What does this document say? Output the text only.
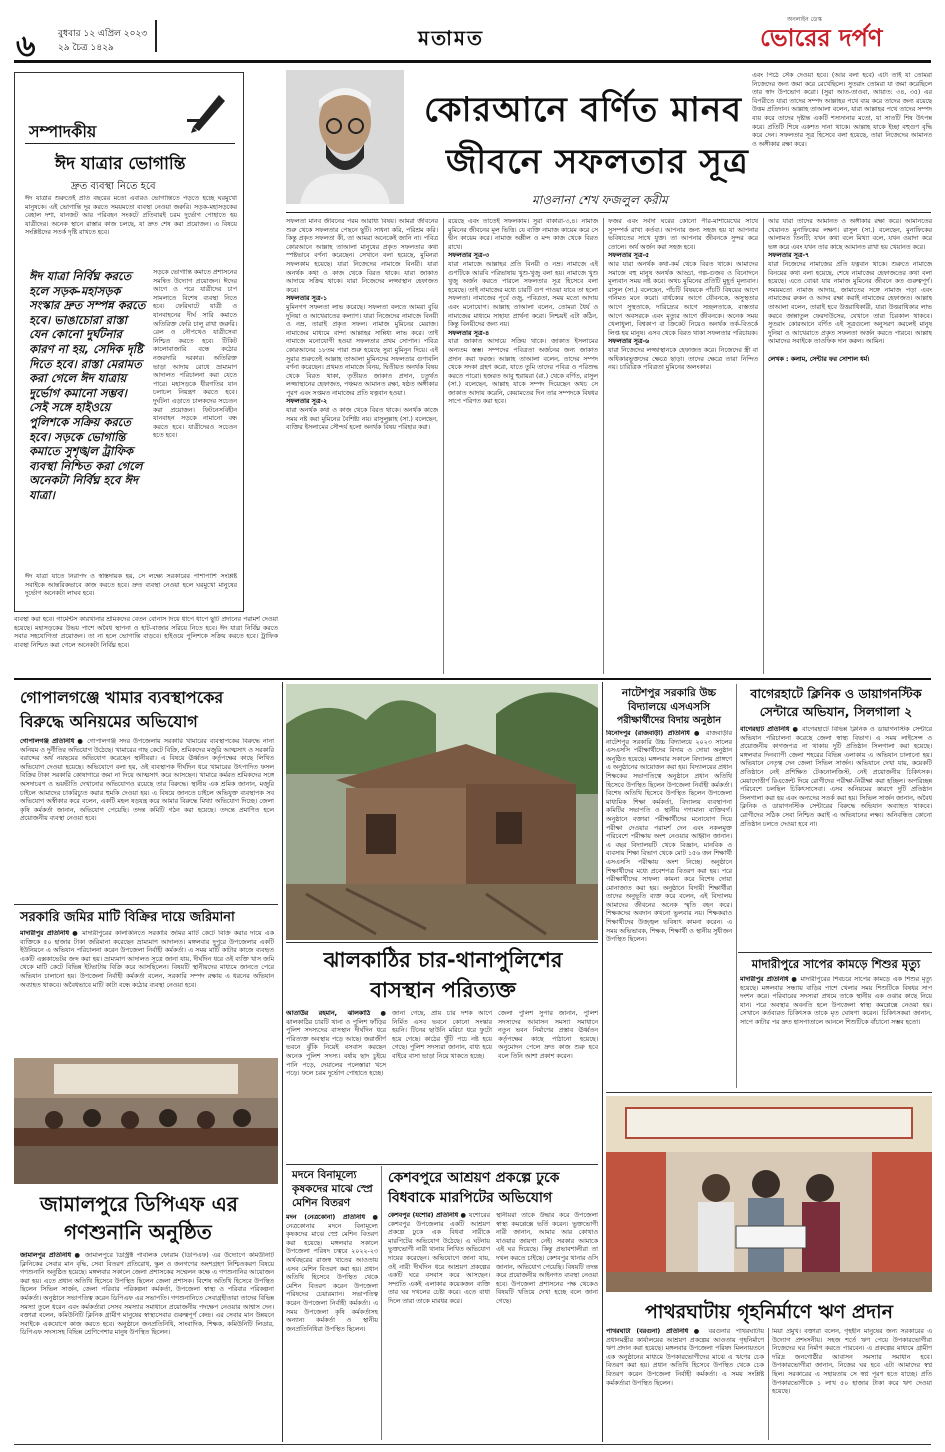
৬ বুধবার ১২ এপ্রিল ২০২৩
২৯ চৈত্র ১৪২৯	মতামত
অনলাইন ডেস্ক
ভোরের দর্পণ
সম্পাদকীয়
ঈদ যাত্রার ভোগান্তি
দ্রুত ব্যবস্থা নিতে হবে
ঈদ যাত্রার শুরুতেই প্রতি বছরের মতো এবারও ভোগান্তিতে পড়তে হচ্ছে ঘরমুখো মানুষকে। এই ভোগান্তি দূর করতে সময়মতো ব্যবস্থা নেওয়া জরুরি। সড়ক-মহাসড়কের বেহাল দশা, যানজট আর পরিবহন সংকটে প্রতিবারই চরম দুর্ভোগ পোহাতে হয় যাত্রীদের। অনেক স্থানে রাস্তার কাজ চলছে, যা দ্রুত শেষ করা প্রয়োজন। এ বিষয়ে সংশ্লিষ্টদের সতর্ক দৃষ্টি রাখতে হবে।
ঈদ যাত্রা নির্বিঘ্ন করতে হলে সড়ক-মহাসড়ক সংস্কার দ্রুত সম্পন্ন করতে হবে। ভাঙাচোরা রাস্তা যেন কোনো দুর্ঘটনার কারণ না হয়, সেদিক দৃষ্টি দিতে হবে। রাস্তা মেরামত করা গেলে ঈদ যাত্রায় দুর্ভোগ কমানো সম্ভব। সেই সঙ্গে হাইওয়ে পুলিশকে সক্রিয় করতে হবে। সড়কে ভোগান্তি কমাতে সুশৃঙ্খল ট্রাফিক ব্যবস্থা নিশ্চিত করা গেলে অনেকটা নির্বিঘ্ন হবে ঈদ যাত্রা।
সড়কে ভোগান্তি কমাতে প্রশাসনের সমন্বিত উদ্যোগ প্রয়োজন। ঈদের আগে ও পরে যাত্রীদের চাপ সামলাতে বিশেষ ব্যবস্থা নিতে হবে। ফেরিঘাটে যাত্রী ও যানবাহনের দীর্ঘ সারি কমাতে অতিরিক্ত ফেরি চালু রাখা জরুরি। রেল ও নৌপথেও যাত্রীসেবা নিশ্চিত করতে হবে। টিকিট কালোবাজারি বন্ধে কঠোর নজরদারি দরকার। অতিরিক্ত ভাড়া আদায় রোধে ভ্রাম্যমাণ আদালত পরিচালনা করা যেতে পারে। মহাসড়কে ধীরগতির যান চলাচল নিয়ন্ত্রণ করতে হবে। দুর্ঘটনা এড়াতে চালকদের সচেতন করা প্রয়োজন। ফিটনেসবিহীন যানবাহন সড়কে নামানো বন্ধ করতে হবে। যাত্রীদেরও সচেতন হতে হবে।
ঈদ যাত্রা যাতে নিরাপদ ও স্বস্তিদায়ক হয়, সে লক্ষ্যে সরকারের পাশাপাশি সংশ্লিষ্ট সবাইকে আন্তরিকভাবে কাজ করতে হবে। দ্রুত ব্যবস্থা নেওয়া হলে ঘরমুখো মানুষের দুর্ভোগ অনেকটা লাঘব হবে।
কোরআনে বর্ণিত মানব
জীবনে সফলতার সূত্র
মাওলানা শেখ ফজলুল করীম
এবং পিঠে সেঁক দেওয়া হবে। (আর বলা হবে) এটা তাই যা তোমরা নিজেদের জন্য জমা করে রেখেছিলে। সুতরাং তোমরা যা জমা করেছিলে তার স্বাদ উপভোগ করো। (সুরা আত-তাওবা, আয়াত: ৩৪, ৩৫) এর বিপরীতে যারা তাদের সম্পদ আল্লাহর পথে ব্যয় করে তাদের জন্য রয়েছে উত্তম প্রতিদান। আল্লাহ তাআলা বলেন, যারা আল্লাহর পথে তাদের সম্পদ ব্যয় করে তাদের দৃষ্টান্ত একটি শস্যদানার মতো, যা সাতটি শিষ উৎপন্ন করে। প্রতিটি শিষে একশত দানা থাকে। আল্লাহ যাকে ইচ্ছা বহুগুণ বৃদ্ধি করে দেন। সফলতার সূত্র হিসেবে বলা হয়েছে, তারা নিজেদের আমানত ও অঙ্গীকার রক্ষা করে।
সফলতা মানব জীবনের পরম আরাধ্য বিষয়। আমরা জীবনের শুরু থেকে সফলতার পেছনে ছুটি। সাধনা করি, পরিশ্রম করি। কিন্তু প্রকৃত সফলতা কী, তা আমরা অনেকেই জানি না। পবিত্র কোরআনে আল্লাহ তাআলা মানুষের প্রকৃত সফলতার কথা স্পষ্টভাবে বর্ণনা করেছেন। সেখানে বলা হয়েছে, মুমিনরা সফলকাম হয়েছে। যারা নিজেদের নামাজে বিনয়ী। যারা অনর্থক কথা ও কাজ থেকে বিরত থাকে। যারা জাকাত আদায়ে সক্রিয় থাকে। যারা নিজেদের লজ্জাস্থান হেফাজত করে।
সফলতার সূত্র-১
মুমিনগণ সফলতা লাভ করেছে। সফলতা বলতে আমরা বুঝি দুনিয়া ও আখেরাতের কল্যাণ। যারা নিজেদের নামাজে বিনয়ী ও নম্র, তারাই প্রকৃত সফল। নামাজ মুমিনের মেরাজ। নামাজের মাধ্যমে বান্দা আল্লাহর সান্নিধ্য লাভ করে। তাই নামাজে মনোযোগী হওয়া সফলতার প্রথম সোপান। পবিত্র কোরআনের ১৮তম পারা শুরু হয়েছে সুরা মুমিনুন দিয়ে। এই সুরার শুরুতেই আল্লাহ তাআলা মুমিনদের সফলতার গুণাবলি বর্ণনা করেছেন। প্রথমত নামাজে বিনয়, দ্বিতীয়ত অনর্থক বিষয় থেকে বিরত থাকা, তৃতীয়ত জাকাত প্রদান, চতুর্থত লজ্জাস্থানের হেফাজত, পঞ্চমত আমানত রক্ষা, ষষ্ঠত অঙ্গীকার পূরণ এবং সপ্তমত নামাজের প্রতি যত্নবান হওয়া।
সফলতার সূত্র-২
যারা অনর্থক কথা ও কাজ থেকে বিরত থাকে। অনর্থক কাজে সময় নষ্ট করা মুমিনের বৈশিষ্ট্য নয়। রাসুলুল্লাহ (সা.) বলেছেন, ব্যক্তির ইসলামের সৌন্দর্য হলো অনর্থক বিষয় পরিহার করা।
রয়েছে এবং তাতেই সফলকাম। সুরা বাকারা-৩,৪। নামাজ মুমিনের জীবনের মূল ভিত্তি। যে ব্যক্তি নামাজ কায়েম করে সে দ্বীন কায়েম করে। নামাজ অশ্লীল ও মন্দ কাজ থেকে বিরত রাখে।
সফলতার সূত্র-৩
যারা নামাজে আল্লাহর প্রতি বিনয়ী ও নম্র। নামাজে এই গুণটিকে আরবি পরিভাষায় খুশু-খুজু বলা হয়। নামাজে খুশু খুজু অর্জন করতে পারলে সফলতার সূত্র হিসেবে বলা হয়েছে। তাই নামাজের মধ্যে চারটি গুণ পাওয়া যাবে তা হলো সফলতা। নামাজের পূর্বে ওজু, পবিত্রতা, সময় মতো আদায় এবং মনোযোগ। আল্লাহ তাআলা বলেন, তোমরা ধৈর্য ও নামাজের মাধ্যমে সাহায্য প্রার্থনা করো। নিশ্চয়ই এটা কঠিন, কিন্তু বিনয়ীদের জন্য নয়।
সফলতার সূত্র-৪
যারা জাকাত আদায়ে সক্রিয় থাকে। জাকাত ইসলামের অন্যতম স্তম্ভ। সম্পদের পবিত্রতা অর্জনের জন্য জাকাত প্রদান করা ফরজ। আল্লাহ তাআলা বলেন, তাদের সম্পদ থেকে সদকা গ্রহণ করো, যাতে তুমি তাদের পবিত্র ও পরিশুদ্ধ করতে পারো। হজরত আবু হুরায়রা (রা.) থেকে বর্ণিত, রাসুল (সা.) বলেছেন, আল্লাহ যাকে সম্পদ দিয়েছেন অথচ সে জাকাত আদায় করেনি, কেয়ামতের দিন তার সম্পদকে বিষধর সাপে পরিণত করা হবে।
ফজর এবং সর্বদা ঘরের কোনো পীর-মাশায়েখের সাথে সুসম্পর্ক রাখা কর্তব্য। আপনার জন্য সহজ হয় যা আপনার ভবিষ্যতের সাথে যুক্ত। তা আপনার জীবনকে সুন্দর করে তোলে। অর্থ অর্জন করা সহজ হবে।
সফলতার সূত্র-৫
আর যারা অনর্থক কথা-কর্ম থেকে বিরত থাকে। আমাদের সমাজে বহু মানুষ অনর্থক আড্ডা, গল্প-গুজব ও বিনোদনে মূল্যবান সময় নষ্ট করে। অথচ মুমিনের প্রতিটি মুহূর্ত মূল্যবান। রাসুল (সা.) বলেছেন, পাঁচটি বিষয়কে পাঁচটি বিষয়ের আগে গনিমত মনে করো। বার্ধক্যের আগে যৌবনকে, অসুস্থতার আগে সুস্থতাকে, দারিদ্র্যের আগে সচ্ছলতাকে, ব্যস্ততার আগে অবসরকে এবং মৃত্যুর আগে জীবনকে। অনেক সময় খেলাধুলা, বিশ্বকাপ বা ক্রিকেট নিয়েও অনর্থক তর্ক-বিতর্কে লিপ্ত হয় মানুষ। এসব থেকে বিরত থাকা সফলতার পরিচায়ক।
সফলতার সূত্র-৬
যারা নিজেদের লজ্জাস্থানকে হেফাজত করে। নিজেদের স্ত্রী বা অধিকারভুক্তদের ক্ষেত্রে ছাড়া। তাদের ক্ষেত্রে তারা নিন্দিত নয়। চারিত্রিক পবিত্রতা মুমিনের অলংকার।
আর যারা তাদের আমানত ও অঙ্গীকার রক্ষা করে। আমানতের খেয়ানত মুনাফিকের লক্ষণ। রাসুল (সা.) বলেছেন, মুনাফিকের আলামত তিনটি; যখন কথা বলে মিথ্যা বলে, যখন ওয়াদা করে ভঙ্গ করে এবং যখন তার কাছে আমানত রাখা হয় খেয়ানত করে।
সফলতার সূত্র-৭
যারা নিজেদের নামাজের প্রতি যত্নবান থাকে। শুরুতে নামাজে বিনয়ের কথা বলা হয়েছে, শেষে নামাজের হেফাজতের কথা বলা হয়েছে। এতে বোঝা যায় নামাজ মুমিনের জীবনে কত গুরুত্বপূর্ণ। সময়মতো নামাজ আদায়, জামাতের সঙ্গে নামাজ পড়া এবং নামাজের রুকন ও আদব রক্ষা করাই নামাজের হেফাজত। আল্লাহ তাআলা বলেন, তারাই হবে উত্তরাধিকারী, যারা উত্তরাধিকার লাভ করবে জান্নাতুল ফেরদাউসের, যেখানে তারা চিরকাল থাকবে। সুতরাং কোরআনে বর্ণিত এই সূত্রগুলো অনুসরণ করলেই মানুষ দুনিয়া ও আখেরাতে প্রকৃত সফলতা অর্জন করতে পারবে। আল্লাহ আমাদের সবাইকে তাওফিক দান করুন। আমিন।

লেখক : কলাম, সেন্টার ফর সোশাল ধর্ম।
ব্যবস্থা করা হবে। গার্মেন্টস কারখানার শ্রমিকদের বেতন বোনাস দিয়ে ধাপে ধাপে ছুটি প্রদানের পরামর্শ দেওয়া হয়েছে। মহাসড়কের উভয় পাশে অবৈধ স্থাপনা ও হাট-বাজার সরিয়ে নিতে হবে। ঈদ যাত্রা নির্বিঘ্ন করতে সবার সহযোগিতা প্রয়োজন। তা না হলে ভোগান্তি বাড়বে। হাইওয়ে পুলিশকে সক্রিয় করতে হবে। ট্রাফিক ব্যবস্থা নিশ্চিত করা গেলে অনেকটা নির্বিঘ্ন হবে।
গোপালগঞ্জে খামার ব্যবস্থাপকের বিরুদ্ধে অনিয়মের অভিযোগ
গোপালগঞ্জ প্রতিনিধি ● গোপালগঞ্জ সদর উপজেলায় সরকারি খামারের ব্যবস্থাপকের বিরুদ্ধে নানা অনিয়ম ও দুর্নীতির অভিযোগ উঠেছে। খামারের গাছ কেটে বিক্রি, শ্রমিকদের মজুরি আত্মসাৎ ও সরকারি বরাদ্দের অর্থ নয়ছয়ের অভিযোগ করেছেন স্থানীয়রা। এ বিষয়ে ঊর্ধ্বতন কর্তৃপক্ষের কাছে লিখিত অভিযোগ দেওয়া হয়েছে। অভিযোগে বলা হয়, ওই ব্যবস্থাপক দীর্ঘদিন ধরে খামারের উৎপাদিত ফসল বিক্রির টাকা সরকারি কোষাগারে জমা না দিয়ে আত্মসাৎ করে আসছেন। খামারে কর্মরত শ্রমিকদের সঙ্গে অসদাচরণ ও ভয়ভীতি দেখানোর অভিযোগও রয়েছে তার বিরুদ্ধে। স্থানীয় এক শ্রমিক জানান, মজুরি চাইলে আমাদের চাকরিচ্যুত করার হুমকি দেওয়া হয়। এ বিষয়ে জানতে চাইলে অভিযুক্ত ব্যবস্থাপক সব অভিযোগ অস্বীকার করে বলেন, একটি মহল ষড়যন্ত্র করে আমার বিরুদ্ধে মিথ্যা অভিযোগ দিচ্ছে। জেলা কৃষি কর্মকর্তা জানান, অভিযোগ পেয়েছি। তদন্ত কমিটি গঠন করা হয়েছে। তদন্তে প্রমাণিত হলে প্রয়োজনীয় ব্যবস্থা নেওয়া হবে।
সরকারি জমির মাটি বিক্রির দায়ে জরিমানা
মাদারীপুর প্রতিনিধি ● মাদারীপুরের কালকিনিতে সরকারি জমির মাটি কেটে বিক্রি করার দায়ে এক ব্যক্তিকে ৫০ হাজার টাকা জরিমানা করেছেন ভ্রাম্যমাণ আদালত। মঙ্গলবার দুপুরে উপজেলার একটি ইউনিয়নে এ অভিযান পরিচালনা করেন উপজেলা নির্বাহী কর্মকর্তা। এ সময় মাটি কাটার কাজে ব্যবহৃত একটি এক্সকাভেটর জব্দ করা হয়। ভ্রাম্যমাণ আদালত সূত্রে জানা যায়, দীর্ঘদিন ধরে ওই ব্যক্তি খাস জমি থেকে মাটি কেটে বিভিন্ন ইটভাটায় বিক্রি করে আসছিলেন। বিষয়টি স্থানীয়দের মাধ্যমে জানতে পেরে অভিযান চালানো হয়। উপজেলা নির্বাহী কর্মকর্তা বলেন, সরকারি সম্পদ রক্ষায় এ ধরনের অভিযান অব্যাহত থাকবে। অবৈধভাবে মাটি কাটা বন্ধে কঠোর ব্যবস্থা নেওয়া হবে।
জামালপুরে ডিপিএফ এর
গণশুনানি অনুষ্ঠিত
জামালপুর প্রতিনিধি ● জামালপুরে ডিস্ট্রিক্ট পাবলিক ফোরাম (ডিপিএফ) এর উদ্যোগে কমিউনিটি ক্লিনিকের সেবার মান বৃদ্ধি, সেবা বিতরণ প্রতিরোধ, স্কুল ও জনগণের অংশগ্রহণ নিশ্চিতকরণ বিষয়ে গণশুনানি অনুষ্ঠিত হয়েছে। মঙ্গলবার সকালে জেলা প্রশাসকের সম্মেলন কক্ষে এ গণশুনানির আয়োজন করা হয়। এতে প্রধান অতিথি হিসেবে উপস্থিত ছিলেন জেলা প্রশাসক। বিশেষ অতিথি হিসেবে উপস্থিত ছিলেন সিভিল সার্জন, জেলা পরিবার পরিকল্পনা কর্মকর্তা, উপজেলা স্বাস্থ্য ও পরিবার পরিকল্পনা কর্মকর্তা। অনুষ্ঠানে সভাপতিত্ব করেন ডিপিএফ এর সভাপতি। গণশুনানিতে সেবাগ্রহীতারা তাদের বিভিন্ন সমস্যা তুলে ধরেন এবং কর্মকর্তারা সেসব সমস্যার সমাধানে প্রয়োজনীয় পদক্ষেপ নেওয়ার আশ্বাস দেন। বক্তারা বলেন, কমিউনিটি ক্লিনিক গ্রামীণ মানুষের স্বাস্থ্যসেবার গুরুত্বপূর্ণ কেন্দ্র। এর সেবার মান উন্নয়নে সবাইকে একযোগে কাজ করতে হবে। অনুষ্ঠানে জনপ্রতিনিধি, সাংবাদিক, শিক্ষক, কমিউনিটি লিডার, ডিপিএফ সদস্যসহ বিভিন্ন শ্রেণিপেশার মানুষ উপস্থিত ছিলেন।
ঝালকাঠির চার-থানাপুলিশের
বাসস্থান পরিত্যক্ত
আতাউর রহমান, ঝালকাঠি ● ঝালকাঠির চারটি থানা ও পুলিশ ফাঁড়ির পুলিশ সদস্যদের বাসস্থান দীর্ঘদিন ধরে পরিত্যক্ত অবস্থায় পড়ে আছে। জরাজীর্ণ ভবনে ঝুঁকি নিয়েই বসবাস করছেন অনেক পুলিশ সদস্য। বর্ষায় ছাদ চুইয়ে পানি পড়ে, দেয়ালের পলেস্তারা খসে পড়ে। ফলে চরম দুর্ভোগ পোহাতে হচ্ছে।
জানা গেছে, প্রায় চার দশক আগে নির্মিত এসব ভবনে কোনো সংস্কার হয়নি। টিনের ছাউনি মরিচা ধরে ফুটো হয়ে গেছে। কাঠের খুঁটি পচে নষ্ট হয়ে গেছে। পুলিশ সদস্যরা জানান, বাধ্য হয়ে বাইরে বাসা ভাড়া নিয়ে থাকতে হচ্ছে।
জেলা পুলিশ সুপার জানান, পুলিশ সদস্যদের আবাসন সমস্যা সমাধানে নতুন ভবন নির্মাণের প্রস্তাব ঊর্ধ্বতন কর্তৃপক্ষের কাছে পাঠানো হয়েছে। অনুমোদন পেলে দ্রুত কাজ শুরু হবে বলে তিনি আশা প্রকাশ করেন।
মদনে বিনামূল্যে
কৃষকদের মাঝে স্প্রে
মেশিন বিতরণ
মদন (নেত্রকোনা) প্রতিনিধি ● নেত্রকোনার মদনে বিনামূল্যে কৃষকদের মাঝে স্প্রে মেশিন বিতরণ করা হয়েছে। মঙ্গলবার সকালে উপজেলা পরিষদ চত্বরে ২০২২-২৩ অর্থবছরের রাজস্ব খাতের আওতায় এসব মেশিন বিতরণ করা হয়। প্রধান অতিথি হিসেবে উপস্থিত থেকে মেশিন বিতরণ করেন উপজেলা পরিষদের চেয়ারম্যান। সভাপতিত্ব করেন উপজেলা নির্বাহী কর্মকর্তা। এ সময় উপজেলা কৃষি কর্মকর্তাসহ অন্যান্য কর্মকর্তা ও স্থানীয় জনপ্রতিনিধিরা উপস্থিত ছিলেন।
কেশবপুরে আশ্রয়ণ প্রকল্পে ঢুকে
বিধবাকে মারপিটের অভিযোগ
কেশবপুর (যশোর) প্রতিনিধি ● যশোরের কেশবপুর উপজেলার একটি আশ্রয়ণ প্রকল্পে ঢুকে এক বিধবা নারীকে মারপিটের অভিযোগ উঠেছে। এ ঘটনায় ভুক্তভোগী নারী থানায় লিখিত অভিযোগ দায়ের করেছেন। অভিযোগে জানা যায়, ওই নারী দীর্ঘদিন ধরে আশ্রয়ণ প্রকল্পের একটি ঘরে বসবাস করে আসছেন। সম্প্রতি একই এলাকার কয়েকজন ব্যক্তি তার ঘর দখলের চেষ্টা করে। এতে বাধা দিলে তারা তাকে মারধর করে।
স্থানীয়রা তাকে উদ্ধার করে উপজেলা স্বাস্থ্য কমপ্লেক্সে ভর্তি করেন। ভুক্তভোগী নারী জানান, আমার আর কোথাও যাওয়ার জায়গা নেই। সরকার আমাকে এই ঘর দিয়েছে। কিন্তু প্রভাবশালীরা তা দখল করতে চাইছে। কেশবপুর থানার ওসি জানান, অভিযোগ পেয়েছি। বিষয়টি তদন্ত করে প্রয়োজনীয় আইনগত ব্যবস্থা নেওয়া হবে। উপজেলা প্রশাসনের পক্ষ থেকেও বিষয়টি খতিয়ে দেখা হচ্ছে বলে জানা গেছে।
নাটেশপুর সরকারি উচ্চ
বিদ্যালয়ে এসএসসি
পরীক্ষার্থীদের বিদায় অনুষ্ঠান
বিনোদপুর (রাজবাড়ী) প্রতিনিধি ● রাজবাড়ীর নাটেশপুর সরকারি উচ্চ বিদ্যালয়ে ২০২৩ সালের এসএসসি পরীক্ষার্থীদের বিদায় ও দোয়া অনুষ্ঠান অনুষ্ঠিত হয়েছে। মঙ্গলবার সকালে বিদ্যালয় প্রাঙ্গণে এ অনুষ্ঠানের আয়োজন করা হয়। বিদ্যালয়ের প্রধান শিক্ষকের সভাপতিত্বে অনুষ্ঠানে প্রধান অতিথি হিসেবে উপস্থিত ছিলেন উপজেলা নির্বাহী কর্মকর্তা। বিশেষ অতিথি হিসেবে উপস্থিত ছিলেন উপজেলা মাধ্যমিক শিক্ষা কর্মকর্তা, বিদ্যালয় ব্যবস্থাপনা কমিটির সভাপতি ও স্থানীয় গণ্যমান্য ব্যক্তিবর্গ। অনুষ্ঠানে বক্তারা পরীক্ষার্থীদের মনোযোগ দিয়ে পরীক্ষা দেওয়ার পরামর্শ দেন এবং নকলমুক্ত পরিবেশে পরীক্ষায় অংশ নেওয়ার আহ্বান জানান। এ বছর বিদ্যালয়টি থেকে বিজ্ঞান, মানবিক ও ব্যবসায় শিক্ষা বিভাগ থেকে মোট ১৫৬ জন শিক্ষার্থী এসএসসি পরীক্ষায় অংশ নিচ্ছে। অনুষ্ঠানে শিক্ষার্থীদের মধ্যে প্রবেশপত্র বিতরণ করা হয়। পরে পরীক্ষার্থীদের সাফল্য কামনা করে বিশেষ দোয়া মোনাজাত করা হয়। অনুষ্ঠানে বিদায়ী শিক্ষার্থীরা তাদের অনুভূতি ব্যক্ত করে বলেন, এই বিদ্যালয় আমাদের জীবনের অনেক স্মৃতি বহন করে। শিক্ষকদের অবদান কখনো ভুলবার নয়। শিক্ষকরাও শিক্ষার্থীদের উজ্জ্বল ভবিষ্যৎ কামনা করেন। এ সময় অভিভাবক, শিক্ষক, শিক্ষার্থী ও স্থানীয় সুধীজন উপস্থিত ছিলেন।
বাগেরহাটে ক্লিনিক ও ডায়াগনস্টিক
সেন্টারে অভিযান, সিলগালা ২
বাগেরহাট প্রতিনিধি ● বাগেরহাটে বিভিন্ন ক্লিনিক ও ডায়াগনস্টিক সেন্টারে অভিযান পরিচালনা করেছে জেলা স্বাস্থ্য বিভাগ। এ সময় লাইসেন্স ও প্রয়োজনীয় কাগজপত্র না থাকায় দুটি প্রতিষ্ঠান সিলগালা করা হয়েছে। মঙ্গলবার দিনব্যাপী জেলা শহরের বিভিন্ন এলাকায় এ অভিযান চালানো হয়। অভিযানে নেতৃত্ব দেন জেলা সিভিল সার্জন। অভিযানে দেখা যায়, কয়েকটি প্রতিষ্ঠানে নেই প্রশিক্ষিত টেকনোলজিস্ট, নেই প্রয়োজনীয় চিকিৎসক। মেয়াদোত্তীর্ণ রিএজেন্ট দিয়ে রোগীদের পরীক্ষা-নিরীক্ষা করা হচ্ছিল। অপরিচ্ছন্ন পরিবেশে চলছিল চিকিৎসাসেবা। এসব অনিয়মের কারণে দুটি প্রতিষ্ঠান সিলগালা করা হয় এবং অন্যদের সতর্ক করা হয়। সিভিল সার্জন জানান, অবৈধ ক্লিনিক ও ডায়াগনস্টিক সেন্টারের বিরুদ্ধে অভিযান অব্যাহত থাকবে। রোগীদের সঠিক সেবা নিশ্চিত করাই এ অভিযানের লক্ষ্য। অনিবন্ধিত কোনো প্রতিষ্ঠান চলতে দেওয়া হবে না।
মাদারীপুরে সাপের কামড়ে শিশুর মৃত্যু
মাদারীপুর প্রতিনিধি ● মাদারীপুরের শিবচরে সাপের কামড়ে এক শিশুর মৃত্যু হয়েছে। মঙ্গলবার সন্ধ্যায় বাড়ির পাশে খেলার সময় শিশুটিকে বিষধর সাপ দংশন করে। পরিবারের সদস্যরা প্রথমে তাকে স্থানীয় এক ওঝার কাছে নিয়ে যান। পরে অবস্থার অবনতি হলে উপজেলা স্বাস্থ্য কমপ্লেক্সে নেওয়া হয়। সেখানে কর্তব্যরত চিকিৎসক তাকে মৃত ঘোষণা করেন। চিকিৎসকরা জানান, সাপে কাটার পর দ্রুত হাসপাতালে আনলে শিশুটিকে বাঁচানো সম্ভব হতো।
পাথরঘাটায় গৃহনির্মাণে ঋণ প্রদান
পাথরঘাটা (বরগুনা) প্রতিনিধি ● বরগুনার পাথরঘাটায় প্রধানমন্ত্রীর কার্যালয়ের আশ্রয়ণ প্রকল্পের আওতায় গৃহনির্মাণে ঋণ প্রদান করা হয়েছে। মঙ্গলবার উপজেলা পরিষদ মিলনায়তনে এক অনুষ্ঠানের মাধ্যমে উপকারভোগীদের মাঝে এ ঋণের চেক বিতরণ করা হয়। প্রধান অতিথি হিসেবে উপস্থিত থেকে চেক বিতরণ করেন উপজেলা নির্বাহী কর্মকর্তা। এ সময় সংশ্লিষ্ট কর্মকর্তারা উপস্থিত ছিলেন।
মিয়া প্রমুখ। বক্তারা বলেন, গৃহহীন মানুষের জন্য সরকারের এ উদ্যোগ প্রশংসনীয়। সহজ শর্তে ঋণ পেয়ে উপকারভোগীরা নিজেদের ঘর নির্মাণ করতে পারবেন। এ প্রকল্পের মাধ্যমে গ্রামীণ দরিদ্র জনগোষ্ঠীর আবাসন সমস্যার সমাধান হবে। উপকারভোগীরা জানান, নিজের ঘর হবে এটা আমাদের স্বপ্ন ছিল। সরকারের এ সহায়তায় সে স্বপ্ন পূরণ হতে যাচ্ছে। প্রতি উপকারভোগীকে ১ লাখ ৫০ হাজার টাকা করে ঋণ দেওয়া হয়েছে।
